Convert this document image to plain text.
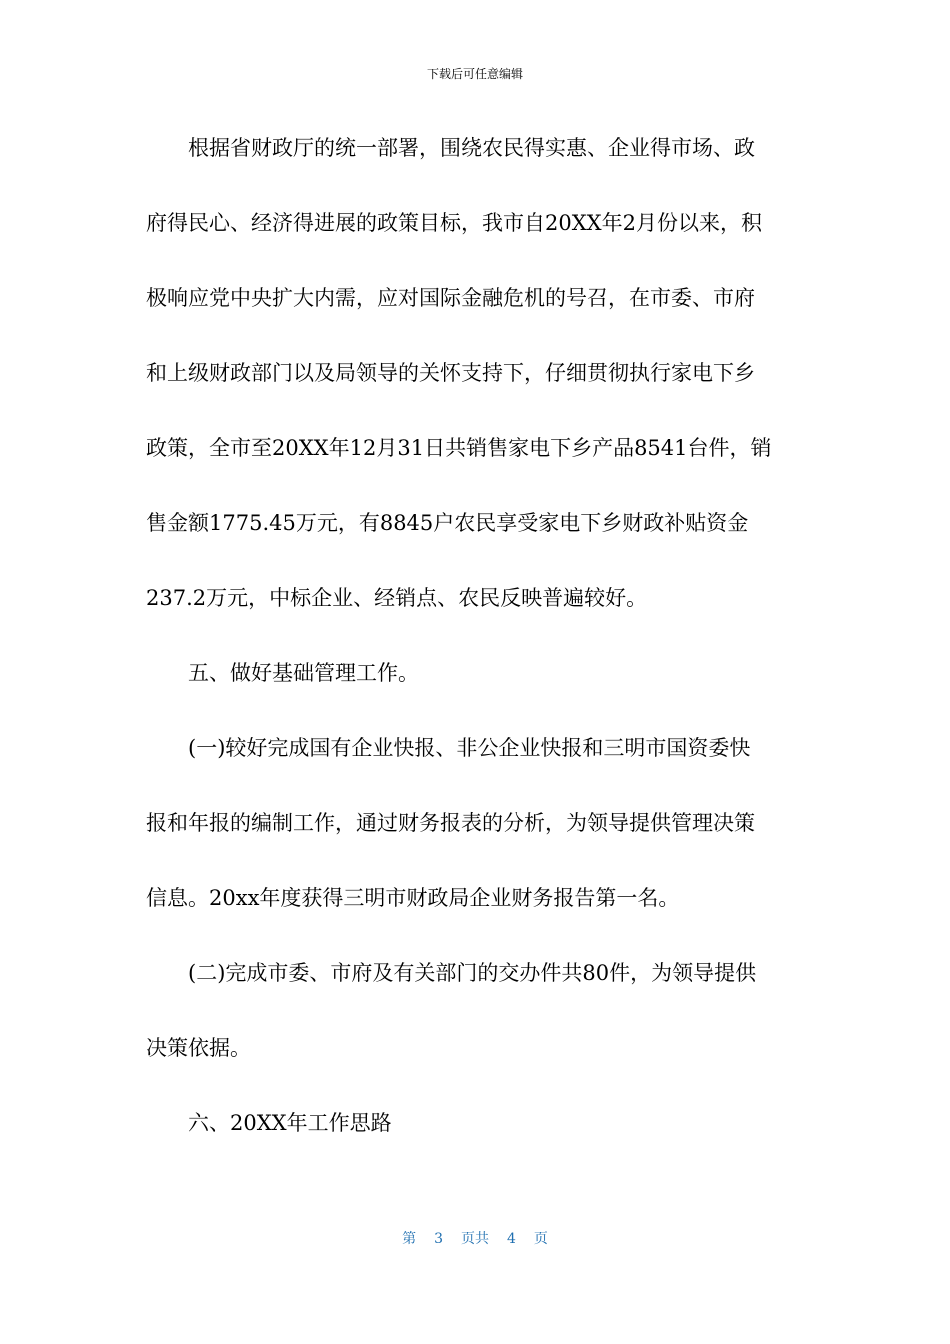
下载后可任意编辑
　　根据省财政厅的统一部署，围绕农民得实惠、企业得市场、政
府得民心、经济得进展的政策目标，我市自20XX年2月份以来，积
极响应党中央扩大内需，应对国际金融危机的号召，在市委、市府
和上级财政部门以及局领导的关怀支持下，仔细贯彻执行家电下乡
政策，全市至20XX年12月31日共销售家电下乡产品8541台件，销
售金额1775.45万元，有8845户农民享受家电下乡财政补贴资金
237.2万元，中标企业、经销点、农民反映普遍较好。
　　五、做好基础管理工作。
　　(一)较好完成国有企业快报、非公企业快报和三明市国资委快
报和年报的编制工作，通过财务报表的分析，为领导提供管理决策
信息。20xx年度获得三明市财政局企业财务报告第一名。
　　(二)完成市委、市府及有关部门的交办件共80件，为领导提供
决策依据。
　　六、20XX年工作思路
第 3 页共 4 页
